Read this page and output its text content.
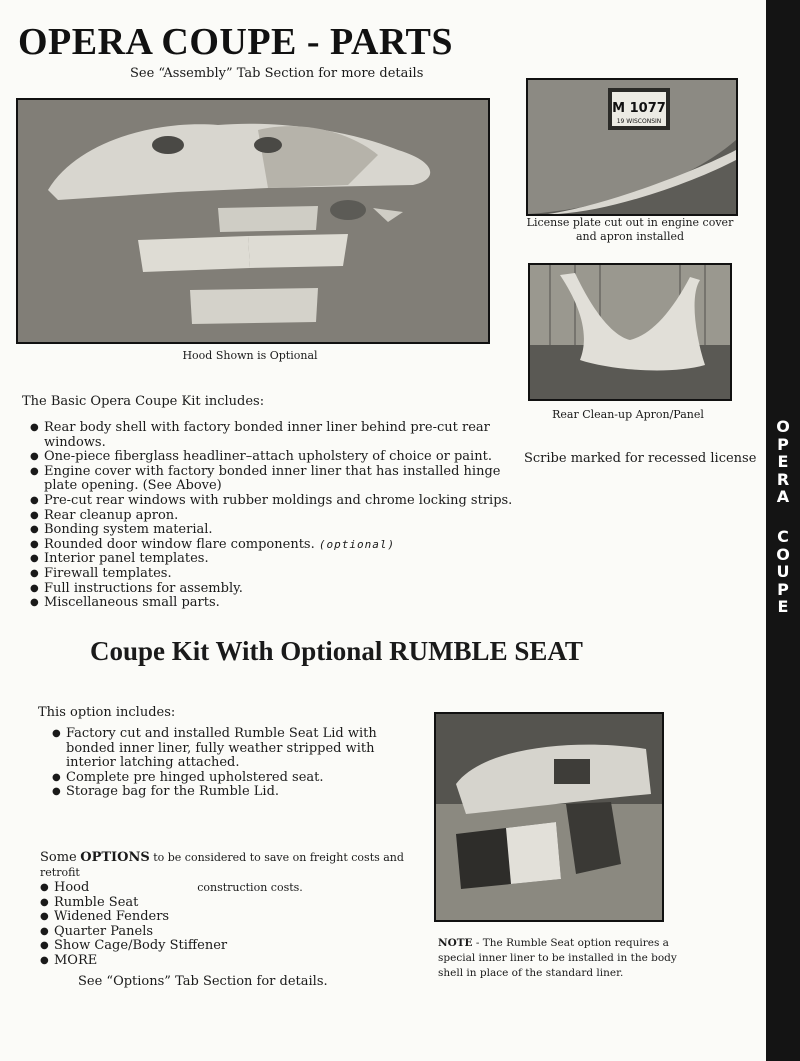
OPERA COUPE - PARTS
See “Assembly” Tab Section for more details
O
P
E
R
A
C
O
U
P
E
Hood Shown is Optional
M 1077
19 WISCONSIN
License plate cut out in engine cover
and apron installed
Rear Clean-up Apron/Panel
Scribe marked for recessed license
The Basic Opera Coupe Kit includes:
● Rear body shell with factory bonded inner liner behind pre-cut rear windows.
● One-piece fiberglass headliner–attach upholstery of choice or paint.
● Engine cover with factory bonded inner liner that has installed hinge
plate opening. (See Above)
● Pre-cut rear windows with rubber moldings and chrome locking strips.
● Rear cleanup apron.
● Bonding system material.
● Rounded door window flare components. (optional)
● Interior panel templates.
● Firewall templates.
● Full instructions for assembly.
● Miscellaneous small parts.
Coupe Kit With Optional RUMBLE SEAT
This option includes:
● Factory cut and installed Rumble Seat Lid with
bonded inner liner, fully weather stripped with
interior latching attached.
● Complete pre hinged upholstered seat.
● Storage bag for the Rumble Lid.
Some OPTIONS to be considered to save on freight costs and retrofit
construction costs.
● Hood
● Rumble Seat
● Widened Fenders
● Quarter Panels
● Show Cage/Body Stiffener
● MORE
See “Options” Tab Section for details.
NOTE - The Rumble Seat option requires a
special inner liner to be installed in the body
shell in place of the standard liner.
